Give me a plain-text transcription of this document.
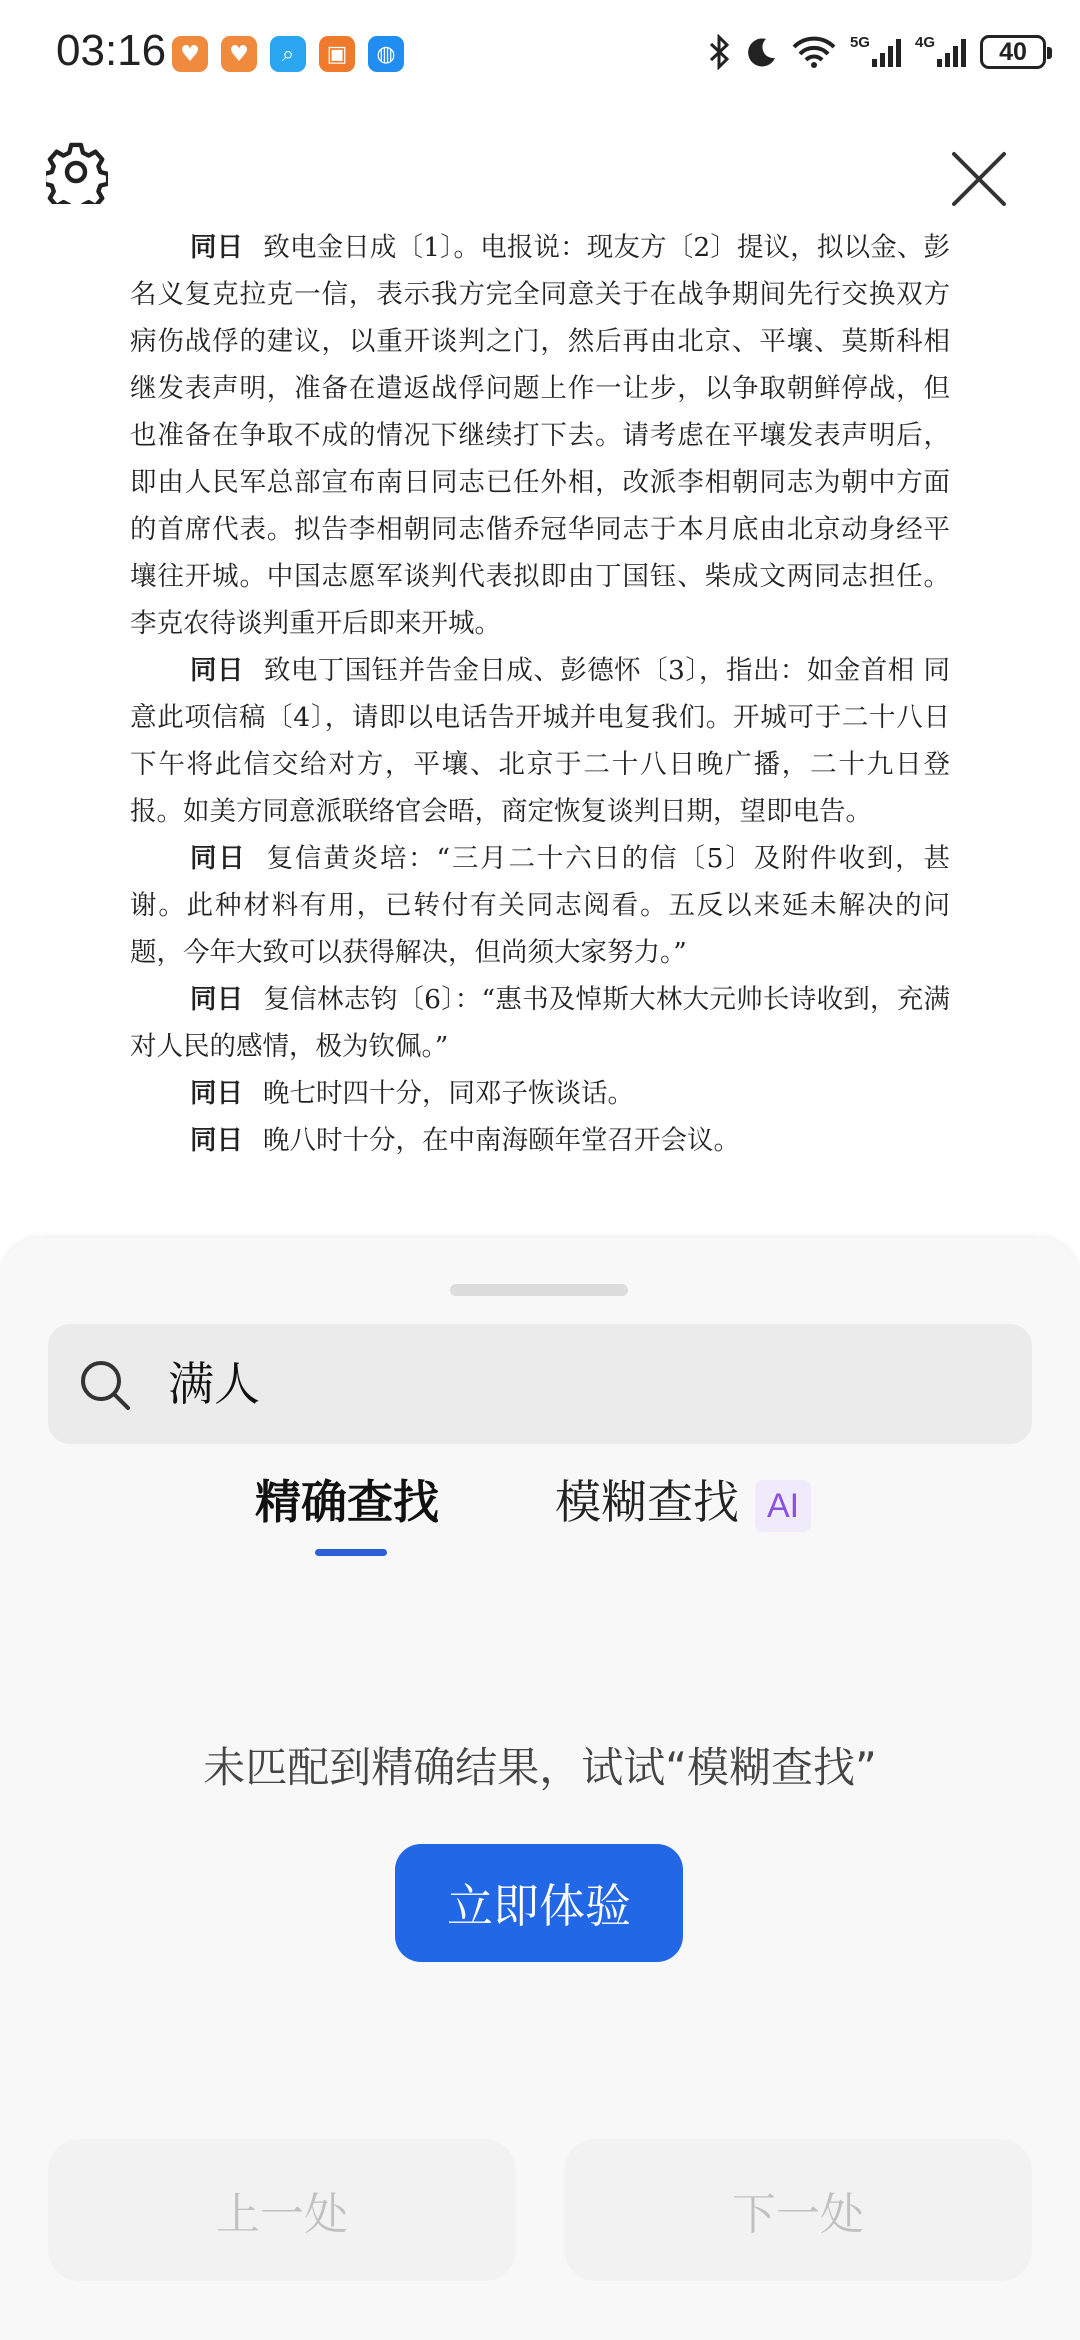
03:16 ♥	♥	⌕	▣	◍	5G	4G	40

同日 致电金日成〔1〕。电报说：现友方〔2〕提议，拟以金、彭名义复克拉克一信，表示我方完全同意关于在战争期间先行交换双方病伤战俘的建议，以重开谈判之门，然后再由北京、平壤、莫斯科相继发表声明，准备在遣返战俘问题上作一让步，以争取朝鲜停战，但也准备在争取不成的情况下继续打下去。请考虑在平壤发表声明后，即由人民军总部宣布南日同志已任外相，改派李相朝同志为朝中方面的首席代表。拟告李相朝同志偕乔冠华同志于本月底由北京动身经平壤往开城。中国志愿军谈判代表拟即由丁国钰、柴成文两同志担任。李克农待谈判重开后即来开城。

同日 致电丁国钰并告金日成、彭德怀〔3〕，指出：如金首相 同意此项信稿〔4〕，请即以电话告开城并电复我们。开城可于二十八日下午将此信交给对方，平壤、北京于二十八日晚广播，二十九日登报。如美方同意派联络官会晤，商定恢复谈判日期，望即电告。

同日 复信黄炎培：“三月二十六日的信〔5〕及附件收到，甚谢。此种材料有用，已转付有关同志阅看。五反以来延未解决的问题，今年大致可以获得解决，但尚须大家努力。”

同日 复信林志钧〔6〕：“惠书及悼斯大林大元帅长诗收到，充满对人民的感情，极为钦佩。”

同日 晚七时四十分，同邓子恢谈话。

同日 晚八时十分，在中南海颐年堂召开会议。

满人
精确查找	模糊查找 AI
未匹配到精确结果，试试“模糊查找”
立即体验
上一处	下一处
